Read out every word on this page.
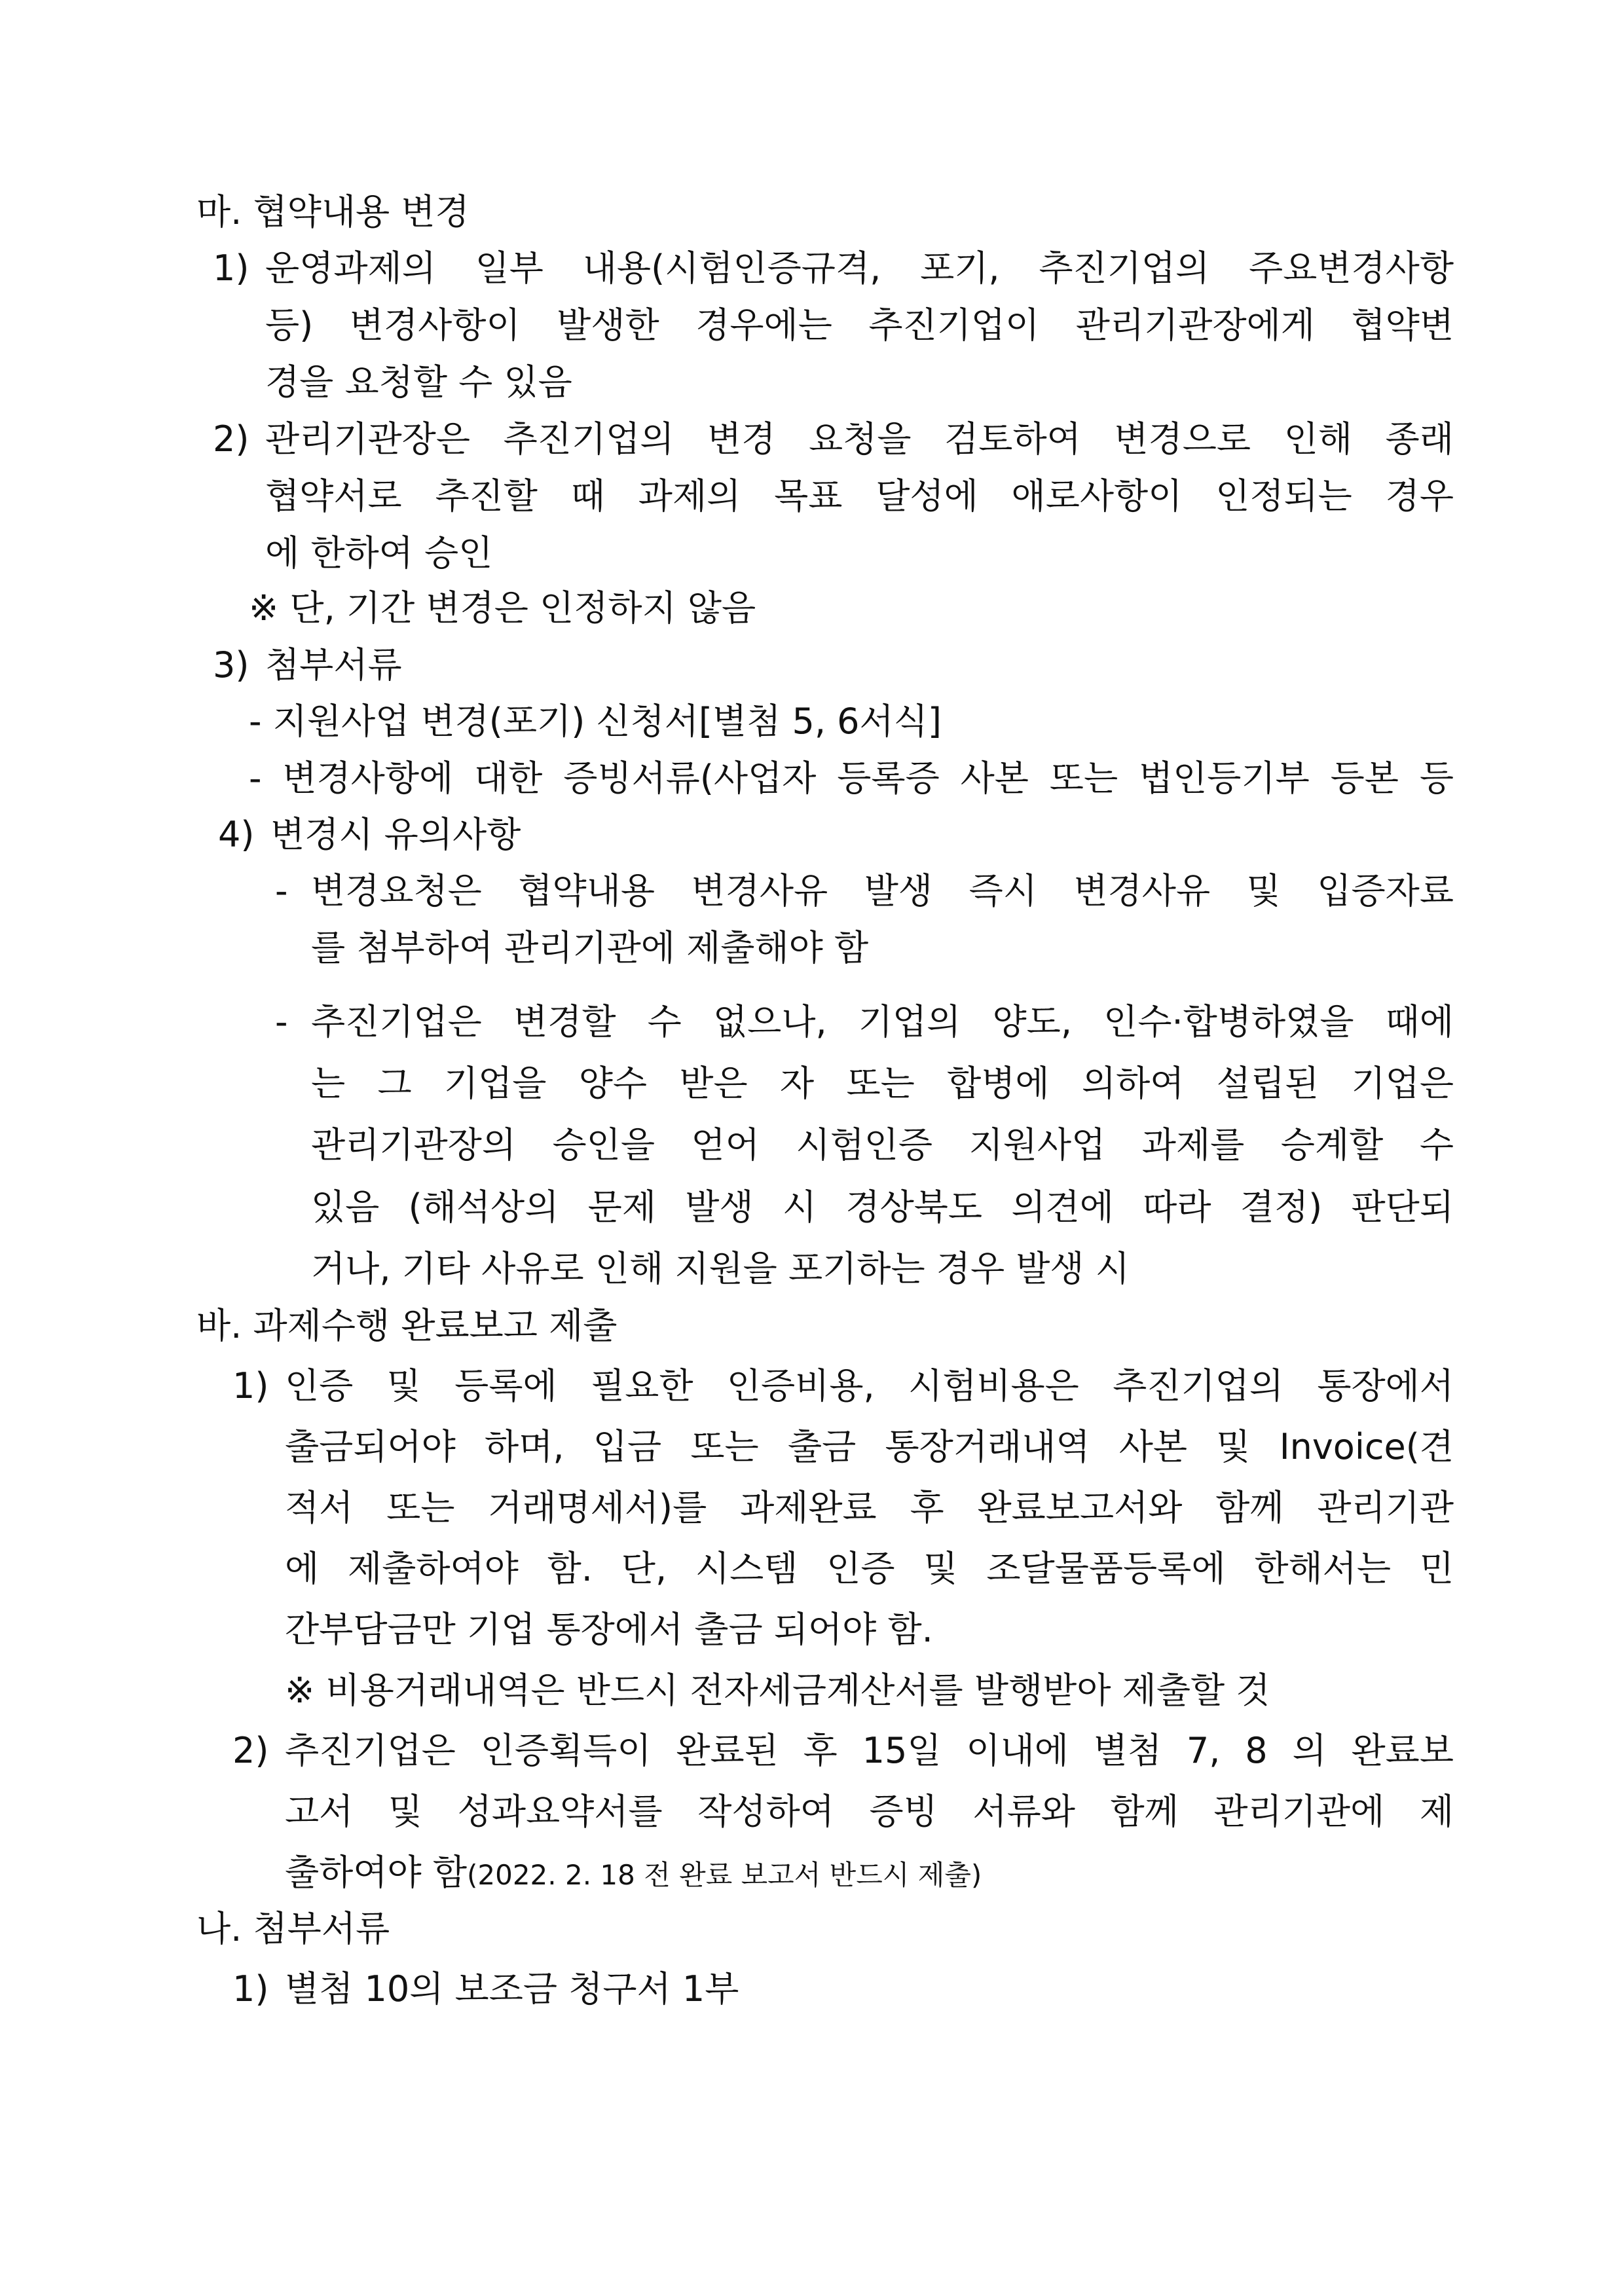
마. 협약내용 변경
1) 운영과제의 일부 내용(시험인증규격, 포기, 추진기업의 주요변경사항
등) 변경사항이 발생한 경우에는 추진기업이 관리기관장에게 협약변
경을 요청할 수 있음
2) 관리기관장은 추진기업의 변경 요청을 검토하여 변경으로 인해 종래
협약서로 추진할 때 과제의 목표 달성에 애로사항이 인정되는 경우
에 한하여 승인
※ 단, 기간 변경은 인정하지 않음
3) 첨부서류
- 지원사업 변경(포기) 신청서[별첨 5, 6서식]
- 변경사항에 대한 증빙서류(사업자 등록증 사본 또는 법인등기부 등본 등
4) 변경시 유의사항
- 변경요청은 협약내용 변경사유 발생 즉시 변경사유 및 입증자료
를 첨부하여 관리기관에 제출해야 함
- 추진기업은 변경할 수 없으나, 기업의 양도, 인수·합병하였을 때에
는 그 기업을 양수 받은 자 또는 합병에 의하여 설립된 기업은
관리기관장의 승인을 얻어 시험인증 지원사업 과제를 승계할 수
있음 (해석상의 문제 발생 시 경상북도 의견에 따라 결정) 판단되
거나, 기타 사유로 인해 지원을 포기하는 경우 발생 시
바. 과제수행 완료보고 제출
1) 인증 및 등록에 필요한 인증비용, 시험비용은 추진기업의 통장에서
출금되어야 하며, 입금 또는 출금 통장거래내역 사본 및 Invoice(견
적서 또는 거래명세서)를 과제완료 후 완료보고서와 함께 관리기관
에 제출하여야 함. 단, 시스템 인증 및 조달물품등록에 한해서는 민
간부담금만 기업 통장에서 출금 되어야 함.
※ 비용거래내역은 반드시 전자세금계산서를 발행받아 제출할 것
2) 추진기업은 인증획득이 완료된 후 15일 이내에 별첨 7, 8 의 완료보
고서 및 성과요약서를 작성하여 증빙 서류와 함께 관리기관에 제
출하여야 함(2022. 2. 18 전 완료 보고서 반드시 제출)
나. 첨부서류
1) 별첨 10의 보조금 청구서 1부
